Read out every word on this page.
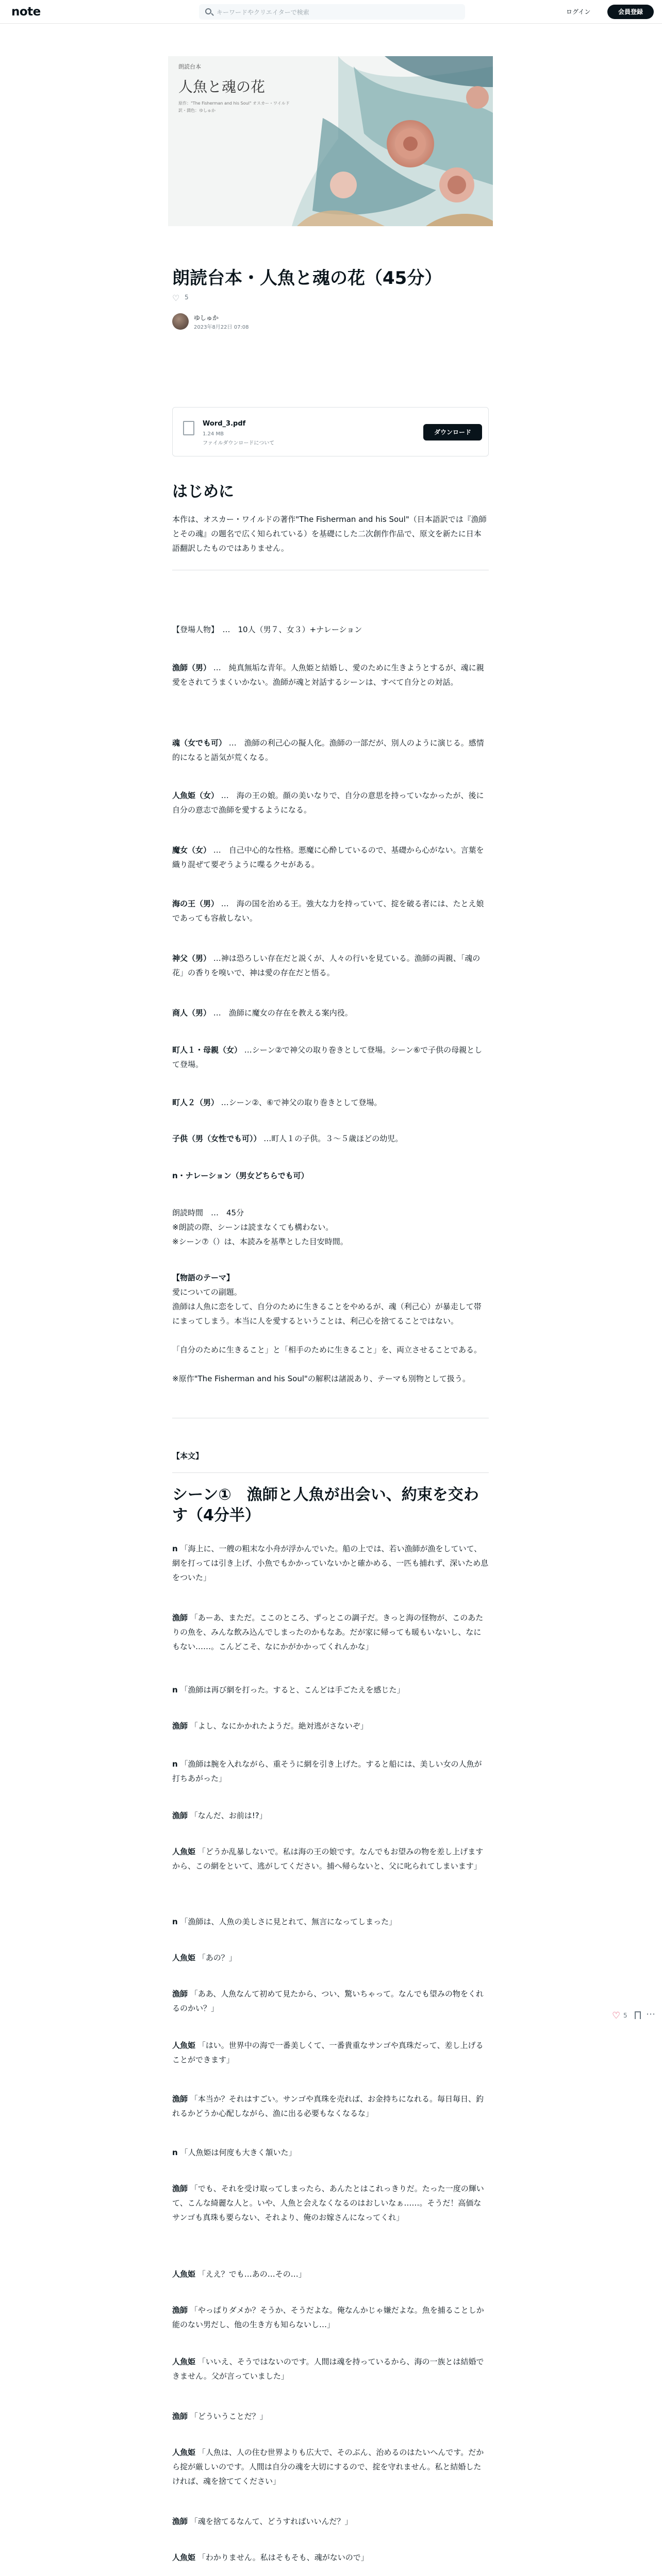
note	キーワードやクリエイターで検索	ログイン	会員登録
朗読台本
人魚と魂の花
原作："The Fisherman and his Soul" オスカー・ワイルド
訳・潤色：ゆしゅか
朗読台本・人魚と魂の花（45分）
♡ 5
ゆしゅか
2023年8月22日 07:08
Word_3.pdf
1.24 MB
ファイルダウンロードについて
ダウンロード
はじめに

本作は、オスカー・ワイルドの著作"The Fisherman and his Soul"（日本語訳では『漁師とその魂』の題名で広く知られている）を基礎にした二次創作作品で、原文を新たに日本語翻訳したものではありません。

【登場人物】　…　10人（男７、女３）+ナレーション

漁師（男） …　純真無垢な青年。人魚姫と結婚し、愛のために生きようとするが、魂に親愛をされてうまくいかない。漁師が魂と対話するシーンは、すべて自分との対話。

魂（女でも可） …　漁師の利己心の擬人化。漁師の一部だが、別人のように演じる。感情的になると語気が荒くなる。

人魚姫（女） …　海の王の娘。顔の美いなりで、自分の意思を持っていなかったが、後に自分の意志で漁師を愛するようになる。

魔女（女） …　自己中心的な性格。悪魔に心酔しているので、基礎から心がない。言葉を織り混ぜて要ぞうように喋るクセがある。

海の王（男） …　海の国を治める王。強大な力を持っていて、掟を破る者には、たとえ娘であっても容赦しない。

神父（男） …神は恐ろしい存在だと説くが、人々の行いを見ている。漁師の両親、「魂の花」の香りを嗅いで、神は愛の存在だと悟る。

商人（男） …　漁師に魔女の存在を教える案内役。

町人１・母親（女） …シーン②で神父の取り巻きとして登場。シーン⑥で子供の母親として登場。

町人２（男） …シーン②、⑥で神父の取り巻きとして登場。

子供（男（女性でも可）） …町人１の子供。３〜５歳ほどの幼児。

n・ナレーション（男女どちらでも可）

朗読時間　…　45分

※朗読の際、シーンは読まなくても構わない。

※シーン⑦（）は、本読みを基準とした目安時間。

【物語のテーマ】

愛についての副題。

漁師は人魚に恋をして、自分のために生きることをやめるが、魂（利己心）が暴走して帯にまってしまう。本当に人を愛するということは、利己心を捨てることではない。

「自分のために生きること」と「相手のために生きること」を、両立させることである。

※原作"The Fisherman and his Soul"の解釈は諸説あり、テーマも別物として扱う。

【本文】

シーン①　漁師と人魚が出会い、約束を交わす（4分半）

n 「海上に、一艘の粗末な小舟が浮かんでいた。船の上では、若い漁師が漁をしていて、網を打っては引き上げ、小魚でもかかっていないかと確かめる、一匹も捕れず、深いため息をついた」

漁師 「あーあ、まただ。ここのところ、ずっとこの調子だ。きっと海の怪物が、このあたりの魚を、みんな飲み込んでしまったのかもなあ。だが家に帰っても暖もいないし、なにもない……。こんどこそ、なにかがかかってくれんかな」

n 「漁師は再び網を打った。すると、こんどは手ごたえを感じた」

漁師 「よし、なにかかれたようだ。絶対逃がさないぞ」

n 「漁師は腕を入れながら、重そうに網を引き上げた。すると船には、美しい女の人魚が打ちあがった」

漁師 「なんだ、お前は!?」

人魚姫 「どうか乱暴しないで。私は海の王の娘です。なんでもお望みの物を差し上げますから、この網をといて、逃がしてください。捕へ帰らないと、父に叱られてしまいます」

n 「漁師は、人魚の美しさに見とれて、無言になってしまった」

人魚姫 「あの？」

漁師 「ああ、人魚なんて初めて見たから、つい、驚いちゃって。なんでも望みの物をくれるのかい？」

人魚姫 「はい。世界中の海で一番美しくて、一番貴重なサンゴや真珠だって、差し上げることができます」

漁師 「本当か？それはすごい。サンゴや真珠を売れば、お金持ちになれる。毎日毎日、釣れるかどうか心配しながら、漁に出る必要もなくなるな」

n 「人魚姫は何度も大きく頷いた」

漁師 「でも、それを受け取ってしまったら、あんたとはこれっきりだ。たった一度の輝いて、こんな綺麗な人と。いや、人魚と会えなくなるのはおしいなぁ……。そうだ！高価なサンゴも真珠も要らない、それより、俺のお嫁さんになってくれ」

人魚姫 「ええ？でも…あの…その…」

漁師 「やっぱりダメか？そうか、そうだよな。俺なんかじゃ嫌だよな。魚を捕ることしか能のない男だし、他の生き方も知らないし…」

人魚姫 「いいえ、そうではないのです。人間は魂を持っているから、海の一族とは結婚できません。父が言っていました」

漁師 「どういうことだ？」

人魚姫 「人魚は、人の住む世界よりも広大で、そのぶん、治めるのはたいへんです。だから掟が厳しいのです。人間は自分の魂を大切にするので、掟を守れません。私と結婚したければ、魂を捨ててください」

漁師 「魂を捨てるなんて、どうすればいいんだ？」

人魚姫 「わかりません。私はそもそも、魂がないので」

♡ 5 ⋯
